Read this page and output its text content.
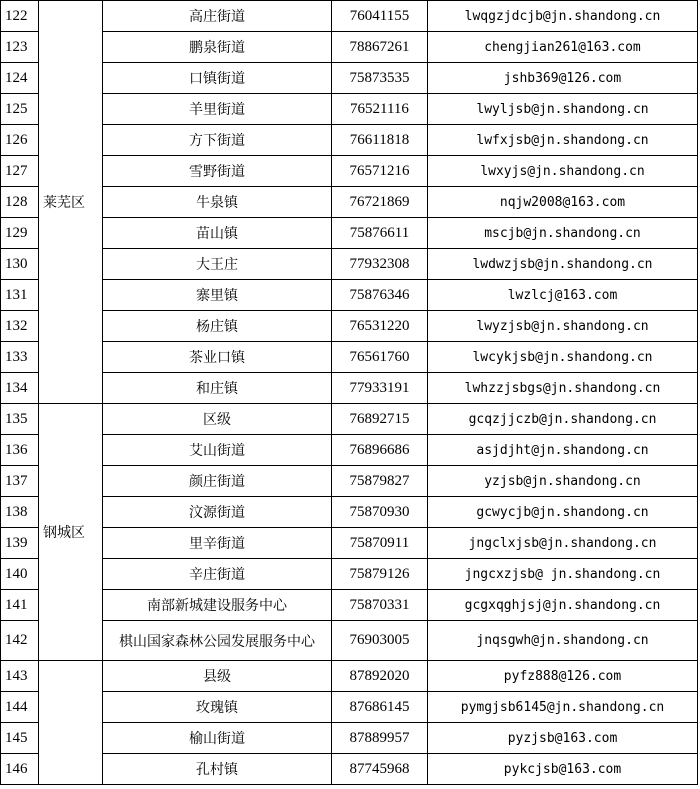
122	莱芜区	高庄街道	76041155	lwqgzjdcjb@jn.shandong.cn
123		鹏泉街道	78867261	chengjian261@163.com
124		口镇街道	75873535	jshb369@126.com
125		羊里街道	76521116	lwyljsb@jn.shandong.cn
126		方下街道	76611818	lwfxjsb@jn.shandong.cn
127		雪野街道	76571216	lwxyjs@jn.shandong.cn
128		牛泉镇	76721869	nqjw2008@163.com
129		苗山镇	75876611	mscjb@jn.shandong.cn
130		大王庄	77932308	lwdwzjsb@jn.shandong.cn
131		寨里镇	75876346	lwzlcj@163.com
132		杨庄镇	76531220	lwyzjsb@jn.shandong.cn
133		茶业口镇	76561760	lwcykjsb@jn.shandong.cn
134		和庄镇	77933191	lwhzzjsbgs@jn.shandong.cn
135	钢城区	区级	76892715	gcqzjjczb@jn.shandong.cn
136		艾山街道	76896686	asjdjht@jn.shandong.cn
137		颜庄街道	75879827	yzjsb@jn.shandong.cn
138		汶源街道	75870930	gcwycjb@jn.shandong.cn
139		里辛街道	75870911	jngclxjsb@jn.shandong.cn
140		辛庄街道	75879126	jngcxzjsb@ jn.shandong.cn
141		南部新城建设服务中心	75870331	gcgxqghjsj@jn.shandong.cn
142		棋山国家森林公园发展服务中心	76903005	jnqsgwh@jn.shandong.cn
143		县级	87892020	pyfz888@126.com
144		玫瑰镇	87686145	pymgjsb6145@jn.shandong.cn
145		榆山街道	87889957	pyzjsb@163.com
146		孔村镇	87745968	pykcjsb@163.com
